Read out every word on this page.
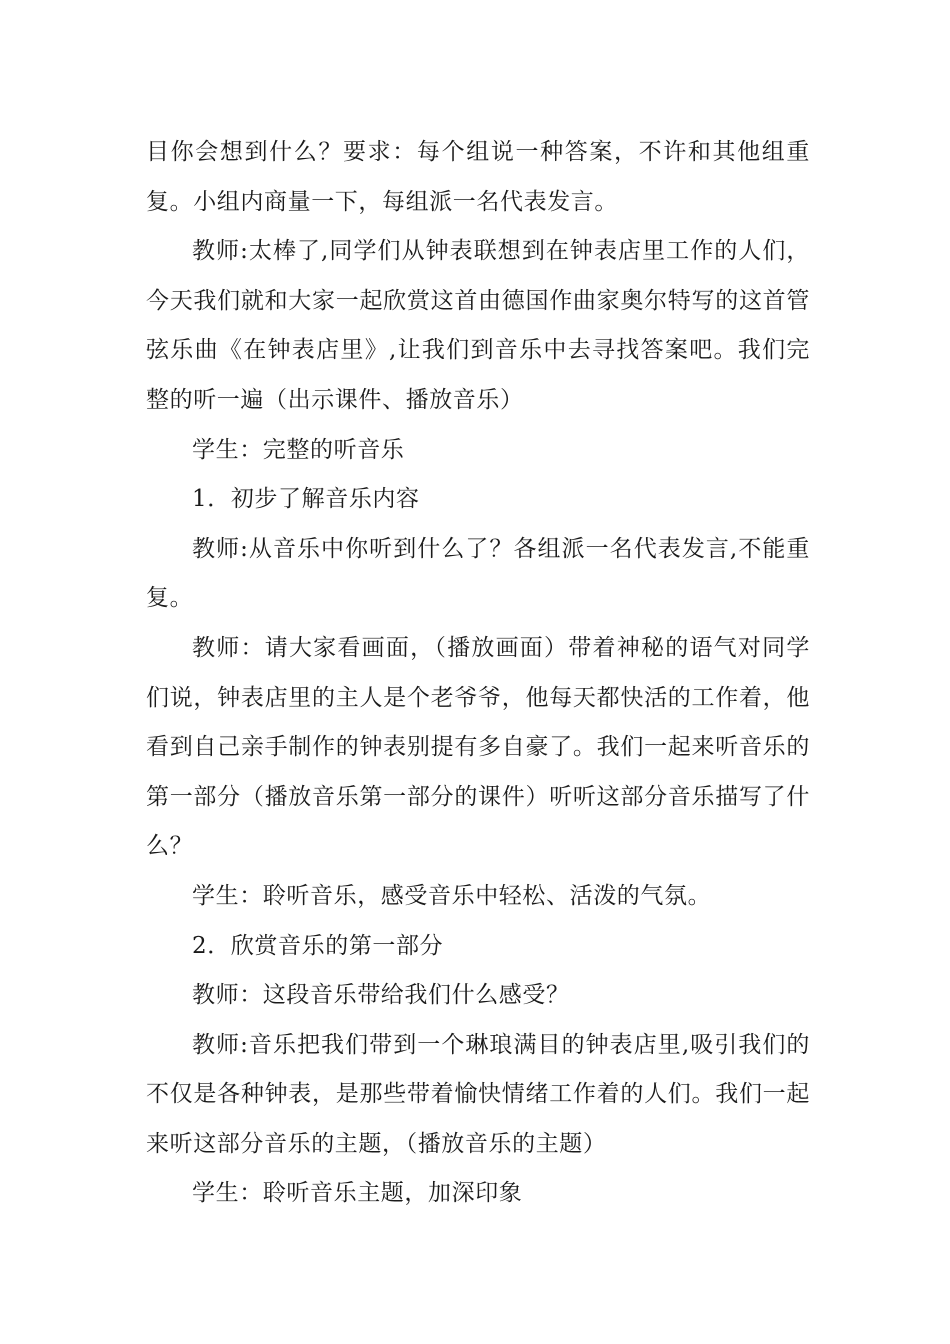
目你会想到什么？要求：每个组说一种答案，不许和其他组重复。小组内商量一下，每组派一名代表发言。

教师:太棒了,同学们从钟表联想到在钟表店里工作的人们，今天我们就和大家一起欣赏这首由德国作曲家奥尔特写的这首管弦乐曲《在钟表店里》,让我们到音乐中去寻找答案吧。我们完整的听一遍（出示课件、播放音乐）

学生：完整的听音乐

1．初步了解音乐内容

教师:从音乐中你听到什么了？各组派一名代表发言,不能重复。

教师：请大家看画面，（播放画面）带着神秘的语气对同学们说，钟表店里的主人是个老爷爷，他每天都快活的工作着，他看到自己亲手制作的钟表别提有多自豪了。我们一起来听音乐的第一部分（播放音乐第一部分的课件）听听这部分音乐描写了什么？

学生：聆听音乐，感受音乐中轻松、活泼的气氛。

2．欣赏音乐的第一部分

教师：这段音乐带给我们什么感受？

教师:音乐把我们带到一个琳琅满目的钟表店里,吸引我们的不仅是各种钟表，是那些带着愉快情绪工作着的人们。我们一起来听这部分音乐的主题，（播放音乐的主题）

学生：聆听音乐主题，加深印象
